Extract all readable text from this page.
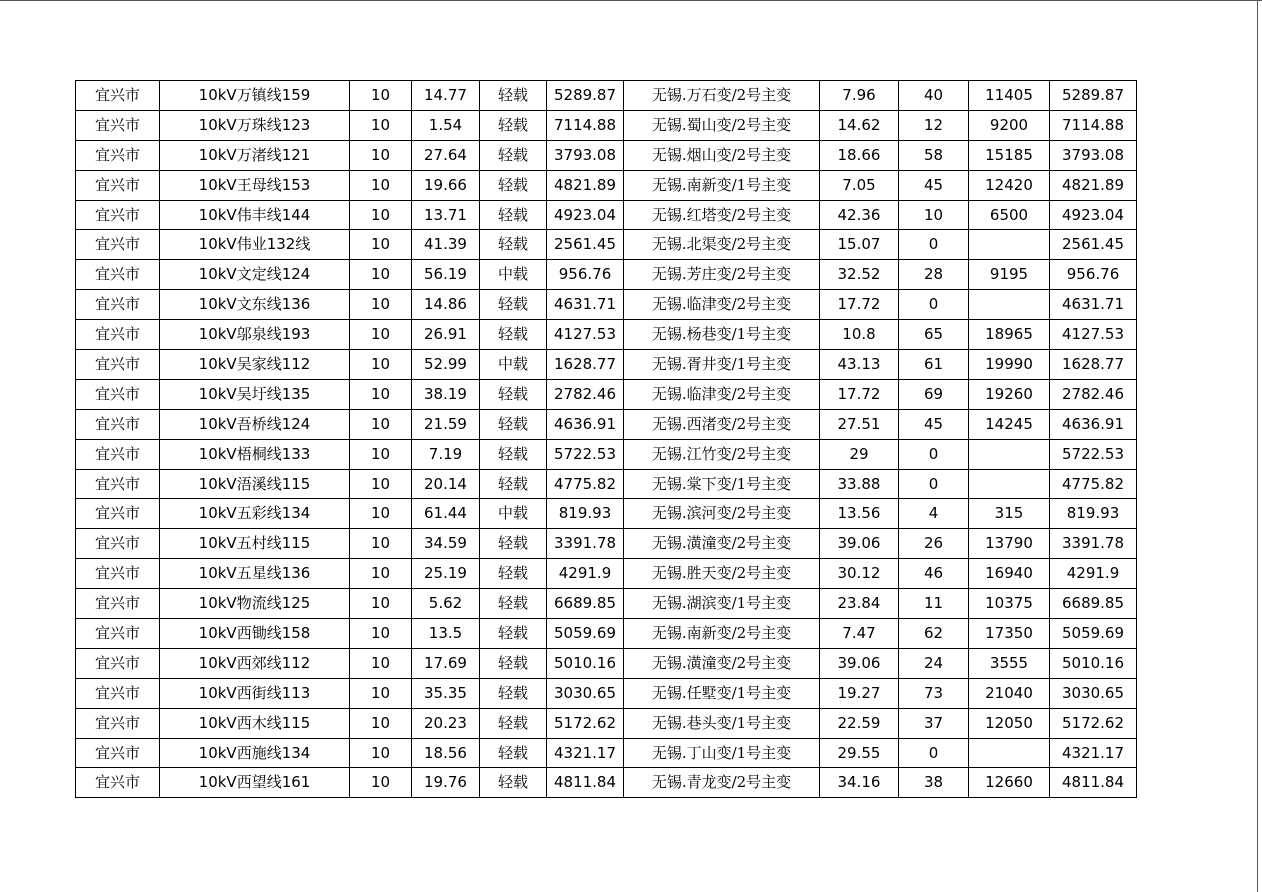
宜兴市	10kV万镇线159	10	14.77	轻载	5289.87	无锡.万石变/2号主变	7.96	40	11405	5289.87
宜兴市	10kV万珠线123	10	1.54	轻载	7114.88	无锡.蜀山变/2号主变	14.62	12	9200	7114.88
宜兴市	10kV万渚线121	10	27.64	轻载	3793.08	无锡.烟山变/2号主变	18.66	58	15185	3793.08
宜兴市	10kV王母线153	10	19.66	轻载	4821.89	无锡.南新变/1号主变	7.05	45	12420	4821.89
宜兴市	10kV伟丰线144	10	13.71	轻载	4923.04	无锡.红塔变/2号主变	42.36	10	6500	4923.04
宜兴市	10kV伟业132线	10	41.39	轻载	2561.45	无锡.北渠变/2号主变	15.07	0		2561.45
宜兴市	10kV文定线124	10	56.19	中载	956.76	无锡.芳庄变/2号主变	32.52	28	9195	956.76
宜兴市	10kV文东线136	10	14.86	轻载	4631.71	无锡.临津变/2号主变	17.72	0		4631.71
宜兴市	10kV邬泉线193	10	26.91	轻载	4127.53	无锡.杨巷变/1号主变	10.8	65	18965	4127.53
宜兴市	10kV吴家线112	10	52.99	中载	1628.77	无锡.胥井变/1号主变	43.13	61	19990	1628.77
宜兴市	10kV吴圩线135	10	38.19	轻载	2782.46	无锡.临津变/2号主变	17.72	69	19260	2782.46
宜兴市	10kV吾桥线124	10	21.59	轻载	4636.91	无锡.西渚变/2号主变	27.51	45	14245	4636.91
宜兴市	10kV梧桐线133	10	7.19	轻载	5722.53	无锡.江竹变/2号主变	29	0		5722.53
宜兴市	10kV浯溪线115	10	20.14	轻载	4775.82	无锡.棠下变/1号主变	33.88	0		4775.82
宜兴市	10kV五彩线134	10	61.44	中载	819.93	无锡.滨河变/2号主变	13.56	4	315	819.93
宜兴市	10kV五村线115	10	34.59	轻载	3391.78	无锡.潢潼变/2号主变	39.06	26	13790	3391.78
宜兴市	10kV五星线136	10	25.19	轻载	4291.9	无锡.胜天变/2号主变	30.12	46	16940	4291.9
宜兴市	10kV物流线125	10	5.62	轻载	6689.85	无锡.湖滨变/1号主变	23.84	11	10375	6689.85
宜兴市	10kV西锄线158	10	13.5	轻载	5059.69	无锡.南新变/2号主变	7.47	62	17350	5059.69
宜兴市	10kV西郊线112	10	17.69	轻载	5010.16	无锡.潢潼变/2号主变	39.06	24	3555	5010.16
宜兴市	10kV西街线113	10	35.35	轻载	3030.65	无锡.任墅变/1号主变	19.27	73	21040	3030.65
宜兴市	10kV西木线115	10	20.23	轻载	5172.62	无锡.巷头变/1号主变	22.59	37	12050	5172.62
宜兴市	10kV西施线134	10	18.56	轻载	4321.17	无锡.丁山变/1号主变	29.55	0		4321.17
宜兴市	10kV西望线161	10	19.76	轻载	4811.84	无锡.青龙变/2号主变	34.16	38	12660	4811.84
